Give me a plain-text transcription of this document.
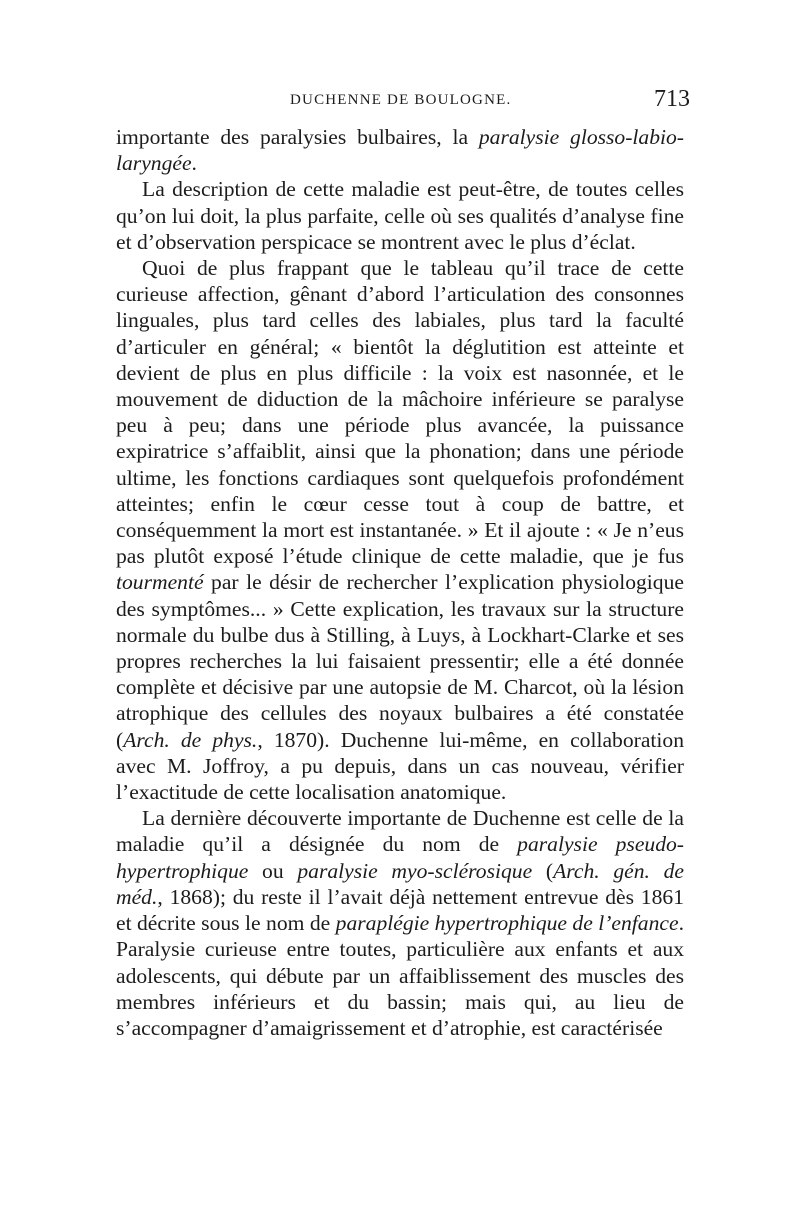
DUCHENNE DE BOULOGNE.	713

importante des paralysies bulbaires, la paralysie glosso-labio-laryngée.

La description de cette maladie est peut-être, de toutes celles qu’on lui doit, la plus parfaite, celle où ses qualités d’analyse fine et d’observation perspicace se montrent avec le plus d’éclat.

Quoi de plus frappant que le tableau qu’il trace de cette curieuse affection, gênant d’abord l’articulation des consonnes linguales, plus tard celles des labiales, plus tard la faculté d’articuler en général; « bientôt la déglutition est atteinte et devient de plus en plus difficile : la voix est nasonnée, et le mouvement de diduction de la mâchoire inférieure se paralyse peu à peu; dans une période plus avancée, la puissance expiratrice s’affaiblit, ainsi que la phonation; dans une période ultime, les fonctions cardiaques sont quelquefois profondément atteintes; enfin le cœur cesse tout à coup de battre, et conséquemment la mort est instantanée. » Et il ajoute : « Je n’eus pas plutôt exposé l’étude clinique de cette maladie, que je fus tourmenté par le désir de rechercher l’explication physiologique des symptômes... » Cette explication, les travaux sur la structure normale du bulbe dus à Stilling, à Luys, à Lockhart-Clarke et ses propres recherches la lui faisaient pressentir; elle a été donnée complète et décisive par une autopsie de M. Charcot, où la lésion atrophique des cellules des noyaux bulbaires a été constatée (Arch. de phys., 1870). Duchenne lui-même, en collaboration avec M. Joffroy, a pu depuis, dans un cas nouveau, vérifier l’exactitude de cette localisation anatomique.

La dernière découverte importante de Duchenne est celle de la maladie qu’il a désignée du nom de paralysie pseudo-hypertrophique ou paralysie myo-sclérosique (Arch. gén. de méd., 1868); du reste il l’avait déjà nettement entrevue dès 1861 et décrite sous le nom de paraplégie hypertrophique de l’enfance. Paralysie curieuse entre toutes, particulière aux enfants et aux adolescents, qui débute par un affaiblissement des muscles des membres inférieurs et du bassin; mais qui, au lieu de s’accompagner d’amaigrissement et d’atrophie, est caractérisée
